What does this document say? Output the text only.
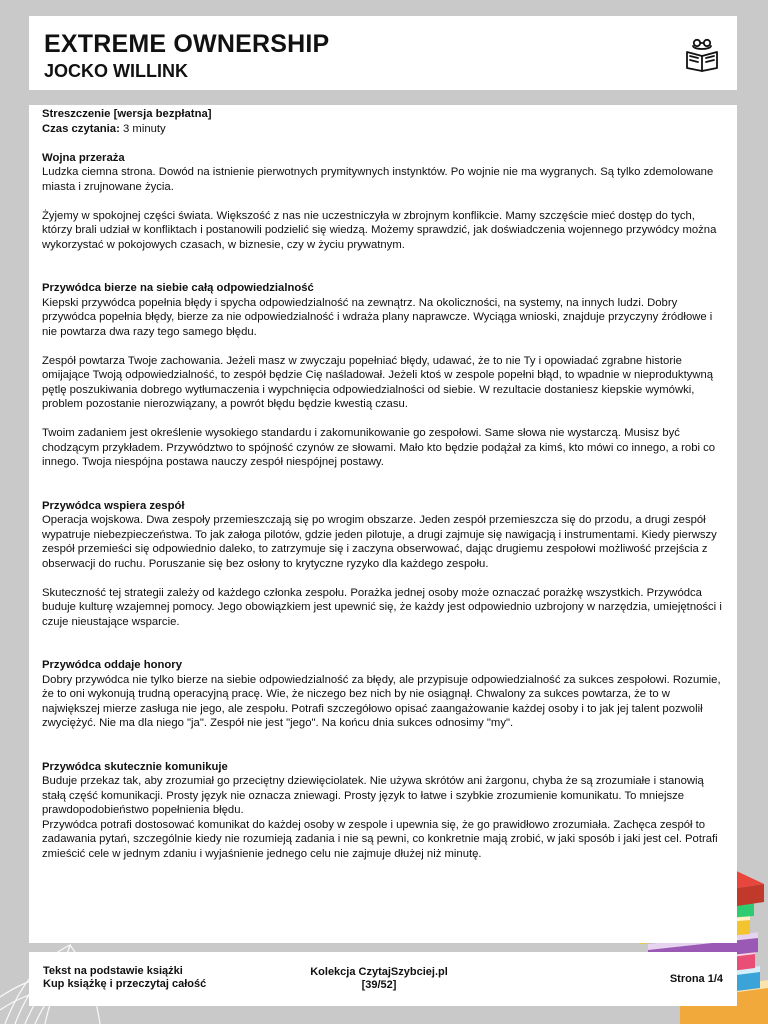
EXTREME OWNERSHIP
JOCKO WILLINK

Streszczenie [wersja bezpłatna]

Czas czytania: 3 minuty

Wojna przeraża

Ludzka ciemna strona. Dowód na istnienie pierwotnych prymitywnych instynktów. Po wojnie nie ma wygranych. Są tylko zdemolowane miasta i zrujnowane życia.

Żyjemy w spokojnej części świata. Większość z nas nie uczestniczyła w zbrojnym konflikcie. Mamy szczęście mieć dostęp do tych, którzy brali udział w konfliktach i postanowili podzielić się wiedzą. Możemy sprawdzić, jak doświadczenia wojennego przywódcy można wykorzystać w pokojowych czasach, w biznesie, czy w życiu prywatnym.

Przywódca bierze na siebie całą odpowiedzialność

Kiepski przywódca popełnia błędy i spycha odpowiedzialność na zewnątrz. Na okoliczności, na systemy, na innych ludzi. Dobry przywódca popełnia błędy, bierze za nie odpowiedzialność i wdraża plany naprawcze. Wyciąga wnioski, znajduje przyczyny źródłowe i nie powtarza dwa razy tego samego błędu.

Zespół powtarza Twoje zachowania. Jeżeli masz w zwyczaju popełniać błędy, udawać, że to nie Ty i opowiadać zgrabne historie omijające Twoją odpowiedzialność, to zespół będzie Cię naśladował. Jeżeli ktoś w zespole popełni błąd, to wpadnie w nieproduktywną pętlę poszukiwania dobrego wytłumaczenia i wypchnięcia odpowiedzialności od siebie. W rezultacie dostaniesz kiepskie wymówki, problem pozostanie nierozwiązany, a powrót błędu będzie kwestią czasu.

Twoim zadaniem jest określenie wysokiego standardu i zakomunikowanie go zespołowi. Same słowa nie wystarczą. Musisz być chodzącym przykładem. Przywództwo to spójność czynów ze słowami. Mało kto będzie podążał za kimś, kto mówi co innego, a robi co innego. Twoja niespójna postawa nauczy zespół niespójnej postawy.

Przywódca wspiera zespół

Operacja wojskowa. Dwa zespoły przemieszczają się po wrogim obszarze. Jeden zespół przemieszcza się do przodu, a drugi zespół wypatruje niebezpieczeństwa. To jak załoga pilotów, gdzie jeden pilotuje, a drugi zajmuje się nawigacją i instrumentami. Kiedy pierwszy zespół przemieści się odpowiednio daleko, to zatrzymuje się i zaczyna obserwować, dając drugiemu zespołowi możliwość przejścia z obserwacji do ruchu. Poruszanie się bez osłony to krytyczne ryzyko dla każdego zespołu.

Skuteczność tej strategii zależy od każdego członka zespołu. Porażka jednej osoby może oznaczać porażkę wszystkich. Przywódca buduje kulturę wzajemnej pomocy. Jego obowiązkiem jest upewnić się, że każdy jest odpowiednio uzbrojony w narzędzia, umiejętności i czuje nieustające wsparcie.

Przywódca oddaje honory

Dobry przywódca nie tylko bierze na siebie odpowiedzialność za błędy, ale przypisuje odpowiedzialność za sukces zespołowi. Rozumie, że to oni wykonują trudną operacyjną pracę. Wie, że niczego bez nich by nie osiągnął. Chwalony za sukces powtarza, że to w największej mierze zasługa nie jego, ale zespołu. Potrafi szczegółowo opisać zaangażowanie każdej osoby i to jak jej talent pozwolił zwyciężyć. Nie ma dla niego "ja". Zespół nie jest "jego". Na końcu dnia sukces odnosimy "my".

Przywódca skutecznie komunikuje

Buduje przekaz tak, aby zrozumiał go przeciętny dziewięciolatek. Nie używa skrótów ani żargonu, chyba że są zrozumiałe i stanowią stałą część komunikacji. Prosty język nie oznacza zniewagi. Prosty język to łatwe i szybkie zrozumienie komunikatu. To mniejsze prawdopodobieństwo popełnienia błędu.

Przywódca potrafi dostosować komunikat do każdej osoby w zespole i upewnia się, że go prawidłowo zrozumiała. Zachęca zespół to zadawania pytań, szczególnie kiedy nie rozumieją zadania i nie są pewni, co konkretnie mają zrobić, w jaki sposób i jaki jest cel. Potrafi zmieścić cele w jednym zdaniu i wyjaśnienie jednego celu nie zajmuje dłużej niż minutę.

Tekst na podstawie książki
Kup książkę i przeczytaj całość
Kolekcja CzytajSzybciej.pl
[39/52]	Strona 1/4
